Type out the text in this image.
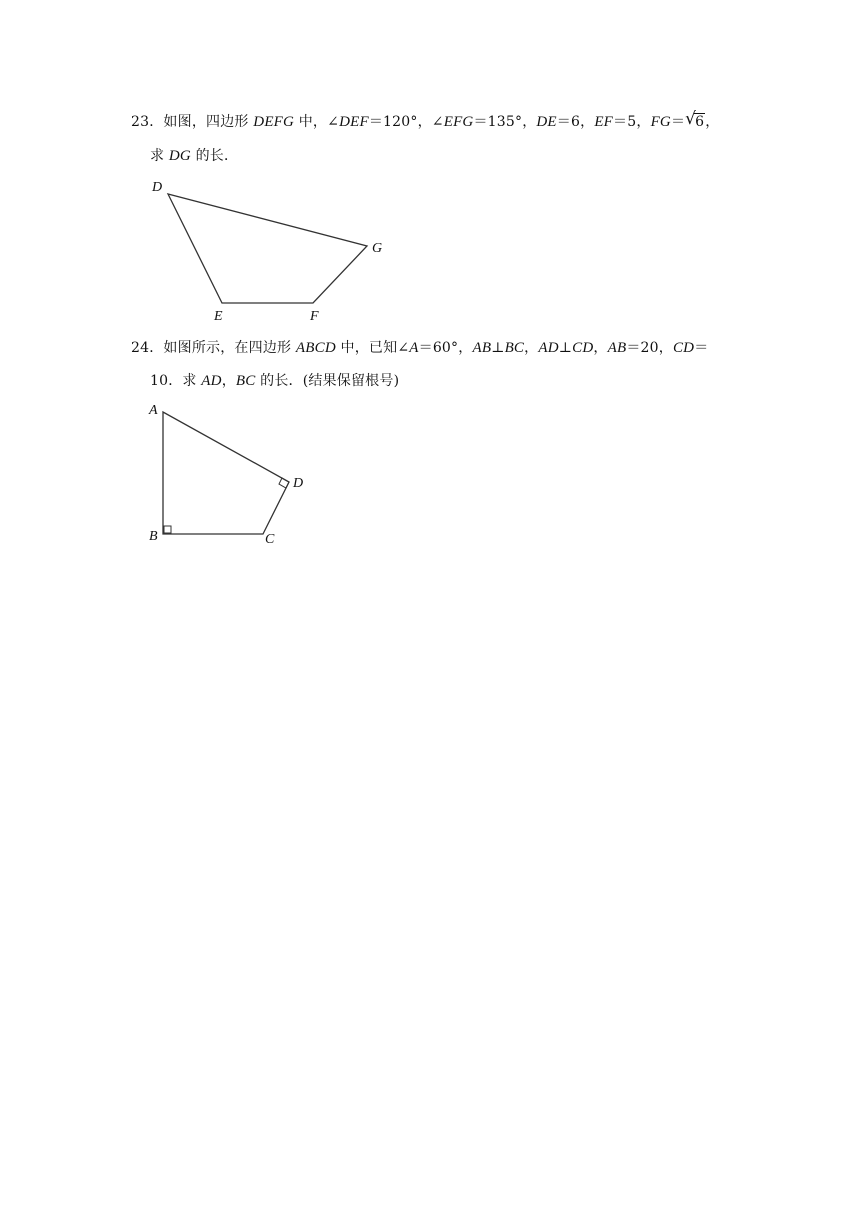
23．如图，四边形 DEFG 中，∠DEF＝120°，∠EFG＝135°，DE＝6，EF＝5，FG＝ √
6，
求 DG 的长．
D
E	F
G
24．如图所示，在四边形 ABCD 中，已知∠A＝60°，AB⊥BC，AD⊥CD，AB＝20，CD＝
10．求 AD，BC 的长．(结果保留根号)
A
B	C
D
